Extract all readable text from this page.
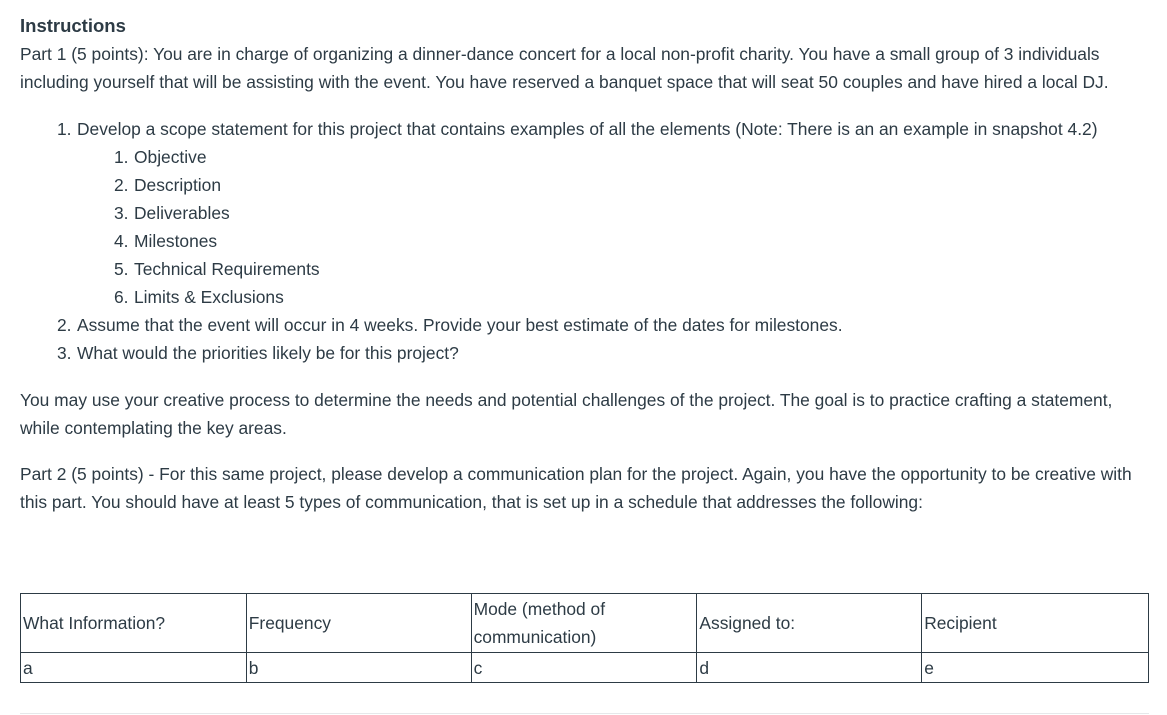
Instructions

Part 1 (5 points): You are in charge of organizing a dinner-dance concert for a local non-profit charity. You have a small group of 3 individuals including yourself that will be assisting with the event. You have reserved a banquet space that will seat 50 couples and have hired a local DJ.

1. Develop a scope statement for this project that contains examples of all the elements (Note: There is an an example in snapshot 4.2)
1. Objective
2. Description
3. Deliverables
4. Milestones
5. Technical Requirements
6. Limits & Exclusions
2. Assume that the event will occur in 4 weeks. Provide your best estimate of the dates for milestones.
3. What would the priorities likely be for this project?

You may use your creative process to determine the needs and potential challenges of the project. The goal is to practice crafting a statement, while contemplating the key areas.

Part 2 (5 points) - For this same project, please develop a communication plan for the project. Again, you have the opportunity to be creative with this part. You should have at least 5 types of communication, that is set up in a schedule that addresses the following:

What Information?	Frequency	Mode (method of communication)	Assigned to:	Recipient
a	b	c	d	e
